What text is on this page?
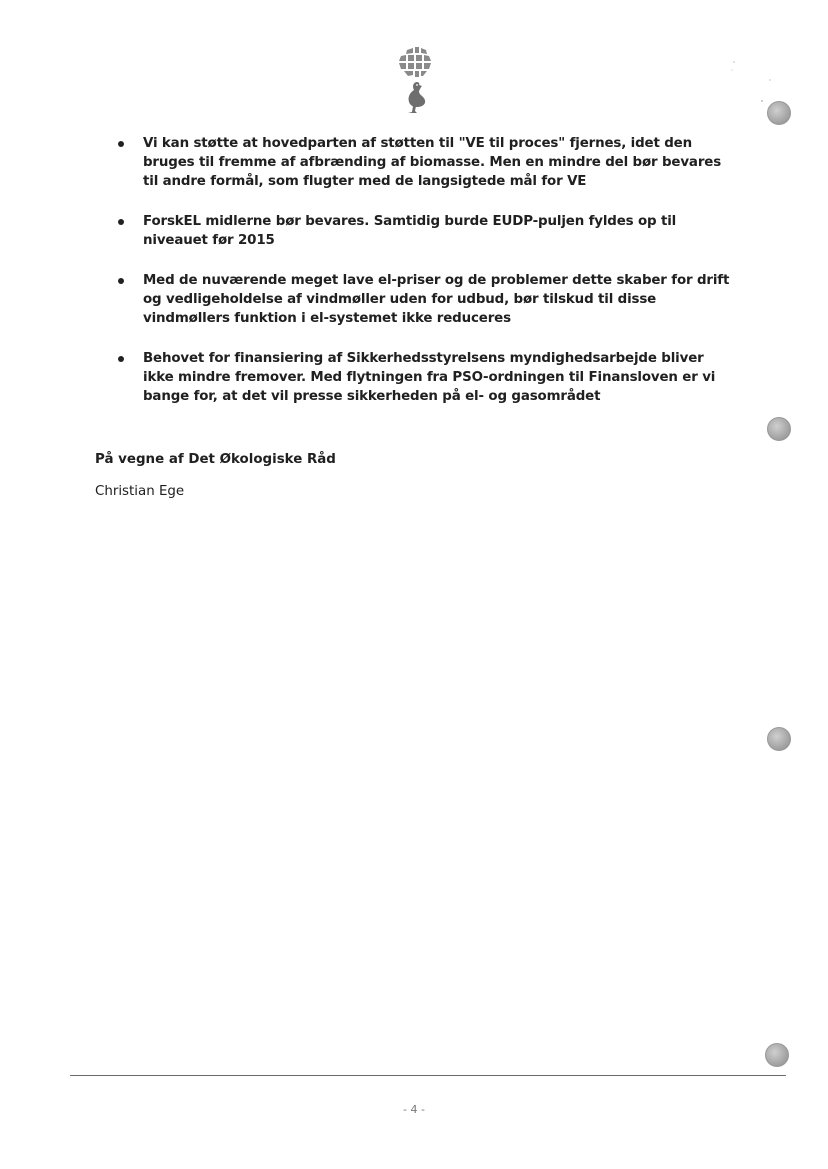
Vi kan støtte at hovedparten af støtten til "VE til proces" fjernes, idet den bruges til fremme af afbrænding af biomasse. Men en mindre del bør bevares til andre formål, som flugter med de langsigtede mål for VE
ForskEL midlerne bør bevares. Samtidig burde EUDP-puljen fyldes op til niveauet før 2015
Med de nuværende meget lave el-priser og de problemer dette skaber for drift og vedligeholdelse af vindmøller uden for udbud, bør tilskud til disse vindmøllers funktion i el-systemet ikke reduceres
Behovet for finansiering af Sikkerhedsstyrelsens myndighedsarbejde bliver ikke mindre fremover. Med flytningen fra PSO-ordningen til Finansloven er vi bange for, at det vil presse sikkerheden på el- og gasområdet
På vegne af Det Økologiske Råd
Christian Ege
- 4 -
